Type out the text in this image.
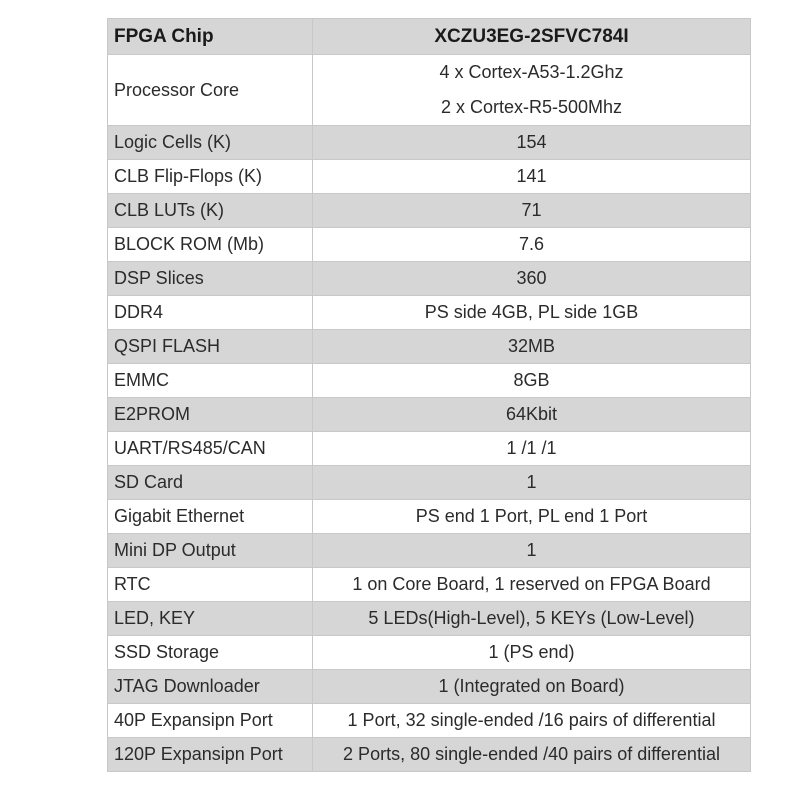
FPGA Chip	XCZU3EG-2SFVC784I
Processor Core	4 x Cortex-A53-1.2Ghz
2 x Cortex-R5-500Mhz

Logic Cells (K)	154
CLB Flip-Flops (K)	141
CLB LUTs (K)	71
BLOCK ROM (Mb)	7.6
DSP Slices	360
DDR4	PS side 4GB, PL side 1GB
QSPI FLASH	32MB
EMMC	8GB
E2PROM	64Kbit
UART/RS485/CAN	1 /1 /1
SD Card	1
Gigabit Ethernet	PS end 1 Port, PL end 1 Port
Mini DP Output	1
RTC	1 on Core Board, 1 reserved on FPGA Board
LED, KEY	5 LEDs(High-Level), 5 KEYs (Low-Level)
SSD Storage	1 (PS end)
JTAG Downloader	1 (Integrated on Board)
40P Expansipn Port	1 Port, 32 single-ended /16 pairs of differential
120P Expansipn Port	2 Ports, 80 single-ended /40 pairs of differential
